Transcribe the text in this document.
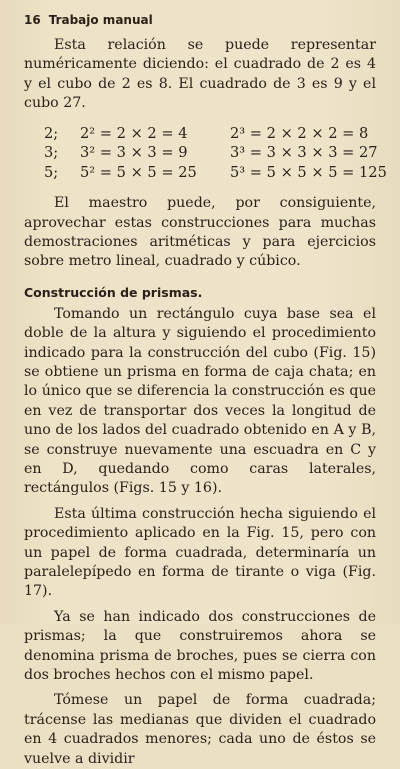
16 Trabajo manual

Esta relación se puede representar numéricamente diciendo: el cuadrado de 2 es 4 y el cubo de 2 es 8. El cuadrado de 3 es 9 y el cubo 27.

2;	2² = 2 × 2 = 4	2³ = 2 × 2 × 2 = 8
3;	3² = 3 × 3 = 9	3³ = 3 × 3 × 3 = 27
5;	5² = 5 × 5 = 25	5³ = 5 × 5 × 5 = 125

El maestro puede, por consiguiente, aprovechar estas construcciones para muchas demostraciones aritméticas y para ejercicios sobre metro lineal, cuadrado y cúbico.

Construcción de prismas.

Tomando un rectángulo cuya base sea el doble de la altura y siguiendo el procedimiento indicado para la construcción del cubo (Fig. 15) se obtiene un prisma en forma de caja chata; en lo único que se diferencia la construcción es que en vez de transportar dos veces la longitud de uno de los lados del cuadrado obtenido en A y B, se construye nuevamente una escuadra en C y en D, quedando como caras laterales, rectángulos (Figs. 15 y 16).

Esta última construcción hecha siguiendo el procedimiento aplicado en la Fig. 15, pero con un papel de forma cuadrada, determinaría un paralelepípedo en forma de tirante o viga (Fig. 17).

Ya se han indicado dos construcciones de prismas; la que construiremos ahora se denomina prisma de broches, pues se cierra con dos broches hechos con el mismo papel.

Tómese un papel de forma cuadrada; trácense las medianas que dividen el cuadrado en 4 cuadrados menores; cada uno de éstos se vuelve a dividir
